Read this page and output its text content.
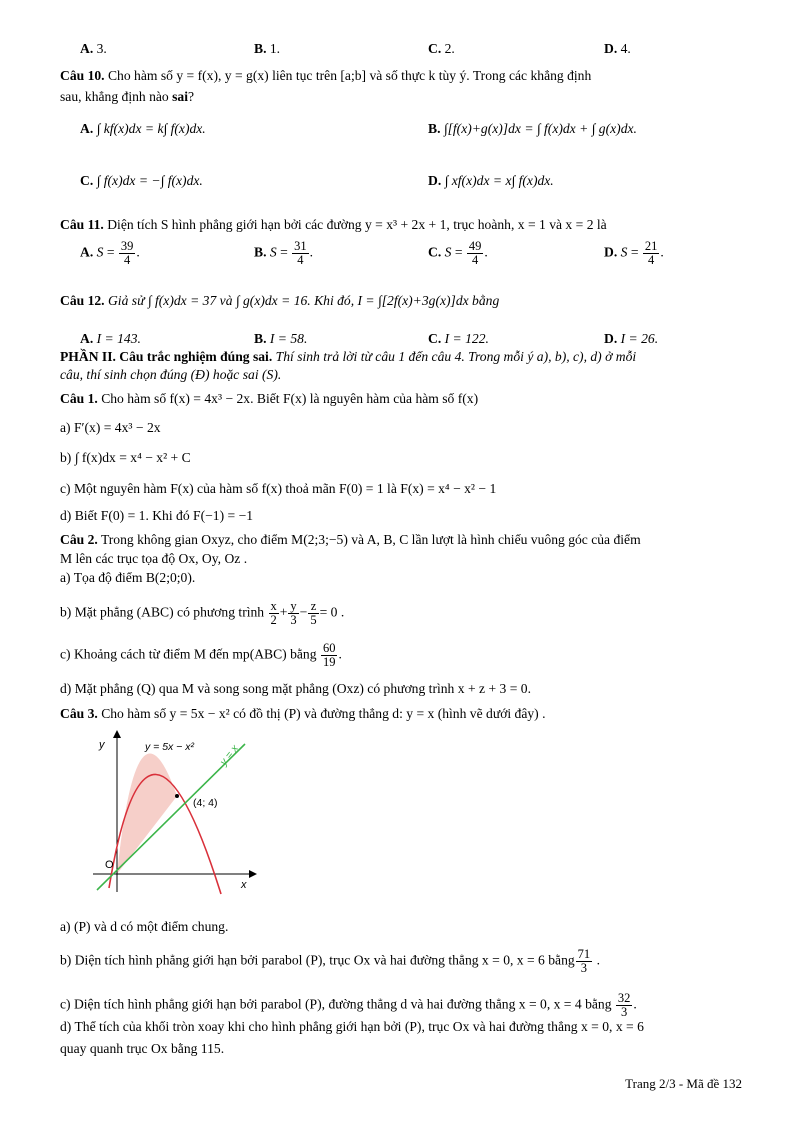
A. 3.	B. 1.	C. 2.	D. 4.
Câu 10. Cho hàm số y = f(x), y = g(x) liên tục trên [a;b] và số thực k tùy ý. Trong các khẳng định
sau, khẳng định nào sai?
A. ∫ kf(x)dx = k∫ f(x)dx.	B. ∫[f(x)+g(x)]dx = ∫ f(x)dx + ∫ g(x)dx.
C. ∫ f(x)dx = −∫ f(x)dx.	D. ∫ xf(x)dx = x∫ f(x)dx.
Câu 11. Diện tích S hình phẳng giới hạn bởi các đường y = x³ + 2x + 1, trục hoành, x = 1 và x = 2 là
A. $S = \frac{39}{4}$ .	B. $S = \frac{31}{4}$ .	C. $S = \frac{49}{4}$ .	D. $S = \frac{21}{4}$ .
Câu 12. Giả sử ∫ f(x)dx = 37 và ∫ g(x)dx = 16. Khi đó, I = ∫[2f(x)+3g(x)]dx bằng
A. I = 143.	B. I = 58.	C. I = 122.	D. I = 26.
PHẦN II. Câu trắc nghiệm đúng sai. Thí sinh trả lời từ câu 1 đến câu 4. Trong mỗi ý a), b), c), d) ở mỗi
câu, thí sinh chọn đúng (Đ) hoặc sai (S).
Câu 1. Cho hàm số f(x) = 4x³ − 2x. Biết F(x) là nguyên hàm của hàm số f(x)
a) F′(x) = 4x³ − 2x
b) ∫ f(x)dx = x⁴ − x² + C
c) Một nguyên hàm F(x) của hàm số f(x) thoả mãn F(0) = 1 là F(x) = x⁴ − x² − 1
d) Biết F(0) = 1. Khi đó F(−1) = −1
Câu 2. Trong không gian Oxyz, cho điểm M(2;3;−5) và A, B, C lần lượt là hình chiếu vuông góc của điểm
M lên các trục tọa độ Ox, Oy, Oz .
a) Tọa độ điểm B(2;0;0).
b) Mặt phẳng (ABC) có phương trình $\frac{x}{2} + \frac{y}{3} - \frac{z}{5} = 0$ .
c) Khoảng cách từ điểm M đến mp(ABC) bằng $\frac{60}{19}$ .
d) Mặt phẳng (Q) qua M và song song mặt phẳng (Oxz) có phương trình x + z + 3 = 0.
Câu 3. Cho hàm số y = 5x − x² có đồ thị (P) và đường thẳng d: y = x (hình vẽ dưới đây) .
(4; 4)
y = 5x − x² y = x
y
x
O
a) (P) và d có một điểm chung.
b) Diện tích hình phẳng giới hạn bởi parabol (P), trục Ox và hai đường thẳng x = 0, x = 6 bằng $\frac{71}{3}$ .
c) Diện tích hình phẳng giới hạn bởi parabol (P), đường thẳng d và hai đường thẳng x = 0, x = 4 bằng $\frac{32}{3}$ .
d) Thể tích của khối tròn xoay khi cho hình phẳng giới hạn bởi (P), trục Ox và hai đường thẳng x = 0, x = 6
quay quanh trục Ox bằng 115.
Trang 2/3 - Mã đề 132
